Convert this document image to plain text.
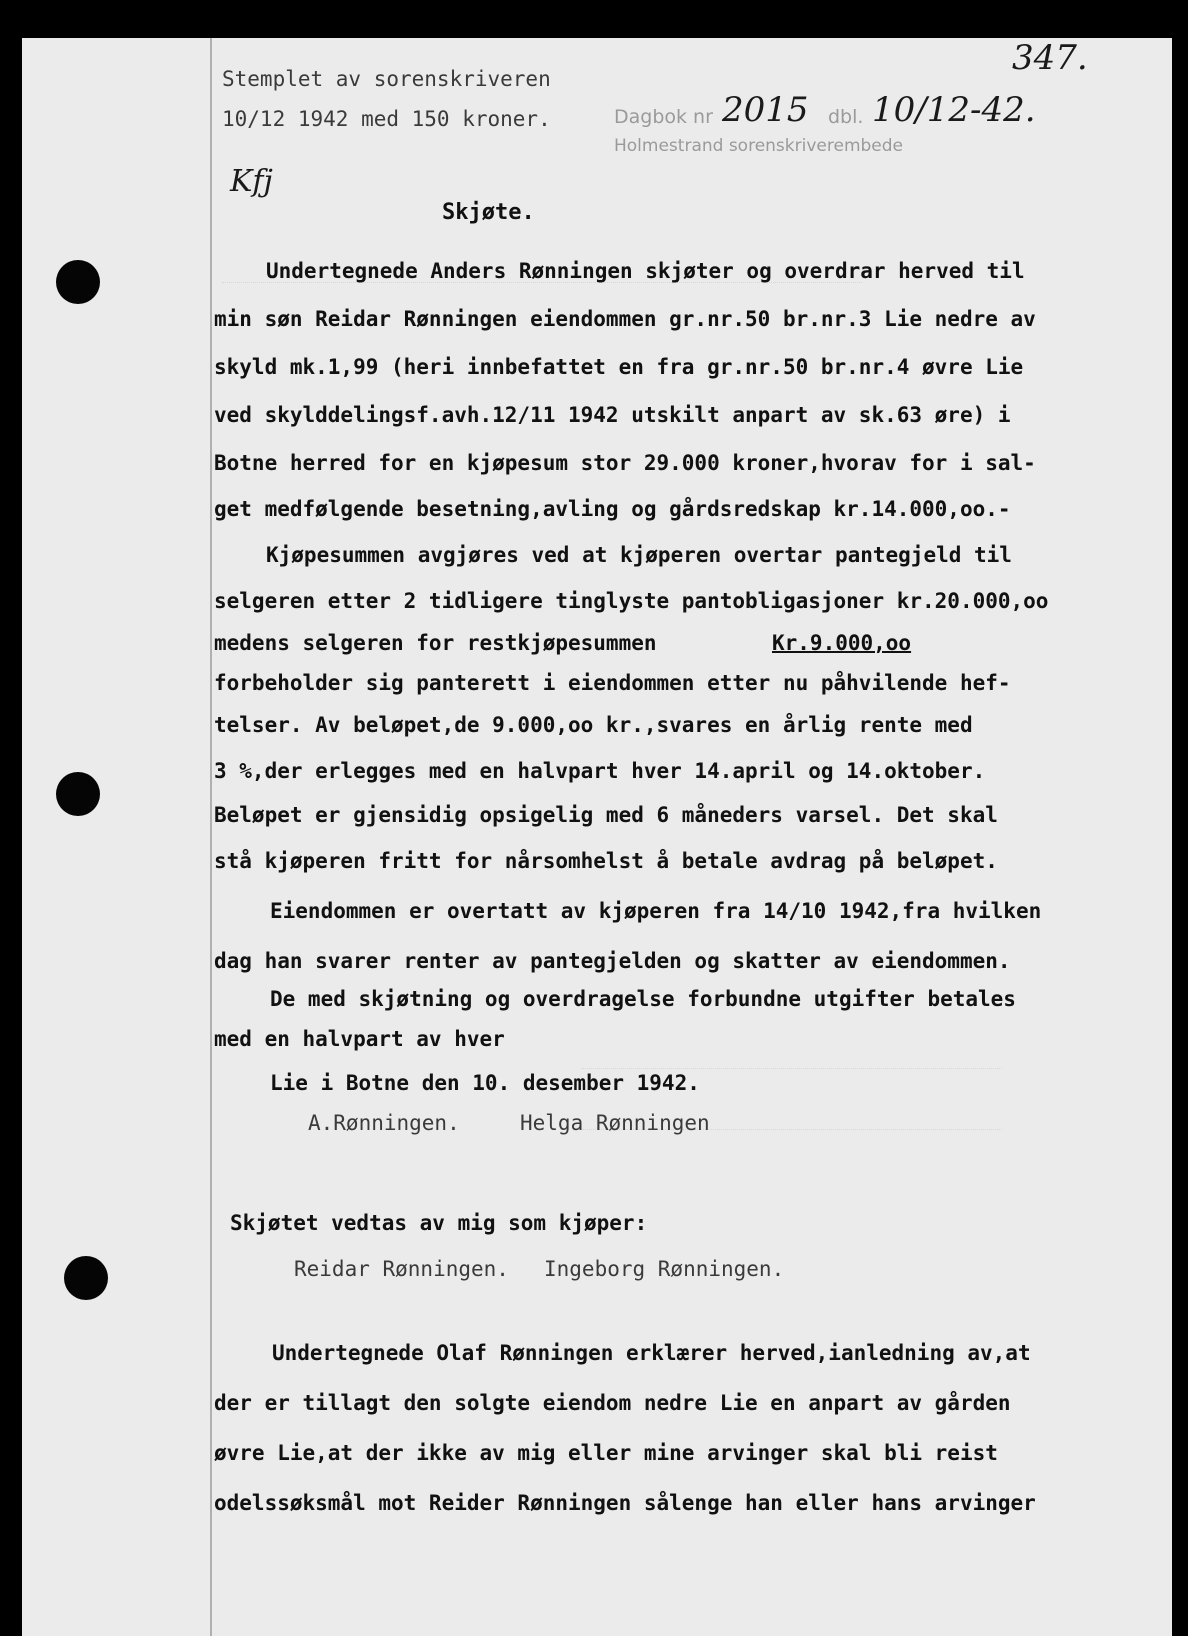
Stemplet av sorenskriveren
10/12 1942 med 150 kroner.	Dagbok nr 2015 dbl. 10/12-42.
Holmestrand sorenskriverembede
347.
Kfj
Skjøte.
Undertegnede Anders Rønningen skjøter og overdrar herved til
min søn Reidar Rønningen eiendommen gr.nr.50 br.nr.3 Lie nedre av
skyld mk.1,99 (heri innbefattet en fra gr.nr.50 br.nr.4 øvre Lie
ved skylddelingsf.avh.12/11 1942 utskilt anpart av sk.63 øre) i
Botne herred for en kjøpesum stor 29.000 kroner,hvorav for i sal-
get medfølgende besetning,avling og gårdsredskap kr.14.000,oo.-
Kjøpesummen avgjøres ved at kjøperen overtar pantegjeld til
selgeren etter 2 tidligere tinglyste pantobligasjoner kr.20.000,oo
medens selgeren for restkjøpesummen	Kr.9.000,oo
forbeholder sig panterett i eiendommen etter nu påhvilende hef-
telser. Av beløpet,de 9.000,oo kr.,svares en årlig rente med
3 %,der erlegges med en halvpart hver 14.april og 14.oktober.
Beløpet er gjensidig opsigelig med 6 måneders varsel. Det skal
stå kjøperen fritt for nårsomhelst å betale avdrag på beløpet.
Eiendommen er overtatt av kjøperen fra 14/10 1942,fra hvilken
dag han svarer renter av pantegjelden og skatter av eiendommen.
De med skjøtning og overdragelse forbundne utgifter betales
med en halvpart av hver
Lie i Botne den 10. desember 1942.
A.Rønningen.	Helga Rønningen
Skjøtet vedtas av mig som kjøper:
Reidar Rønningen. Ingeborg Rønningen.
Undertegnede Olaf Rønningen erklærer herved,ianledning av,at
der er tillagt den solgte eiendom nedre Lie en anpart av gården
øvre Lie,at der ikke av mig eller mine arvinger skal bli reist
odelssøksmål mot Reider Rønningen sålenge han eller hans arvinger
